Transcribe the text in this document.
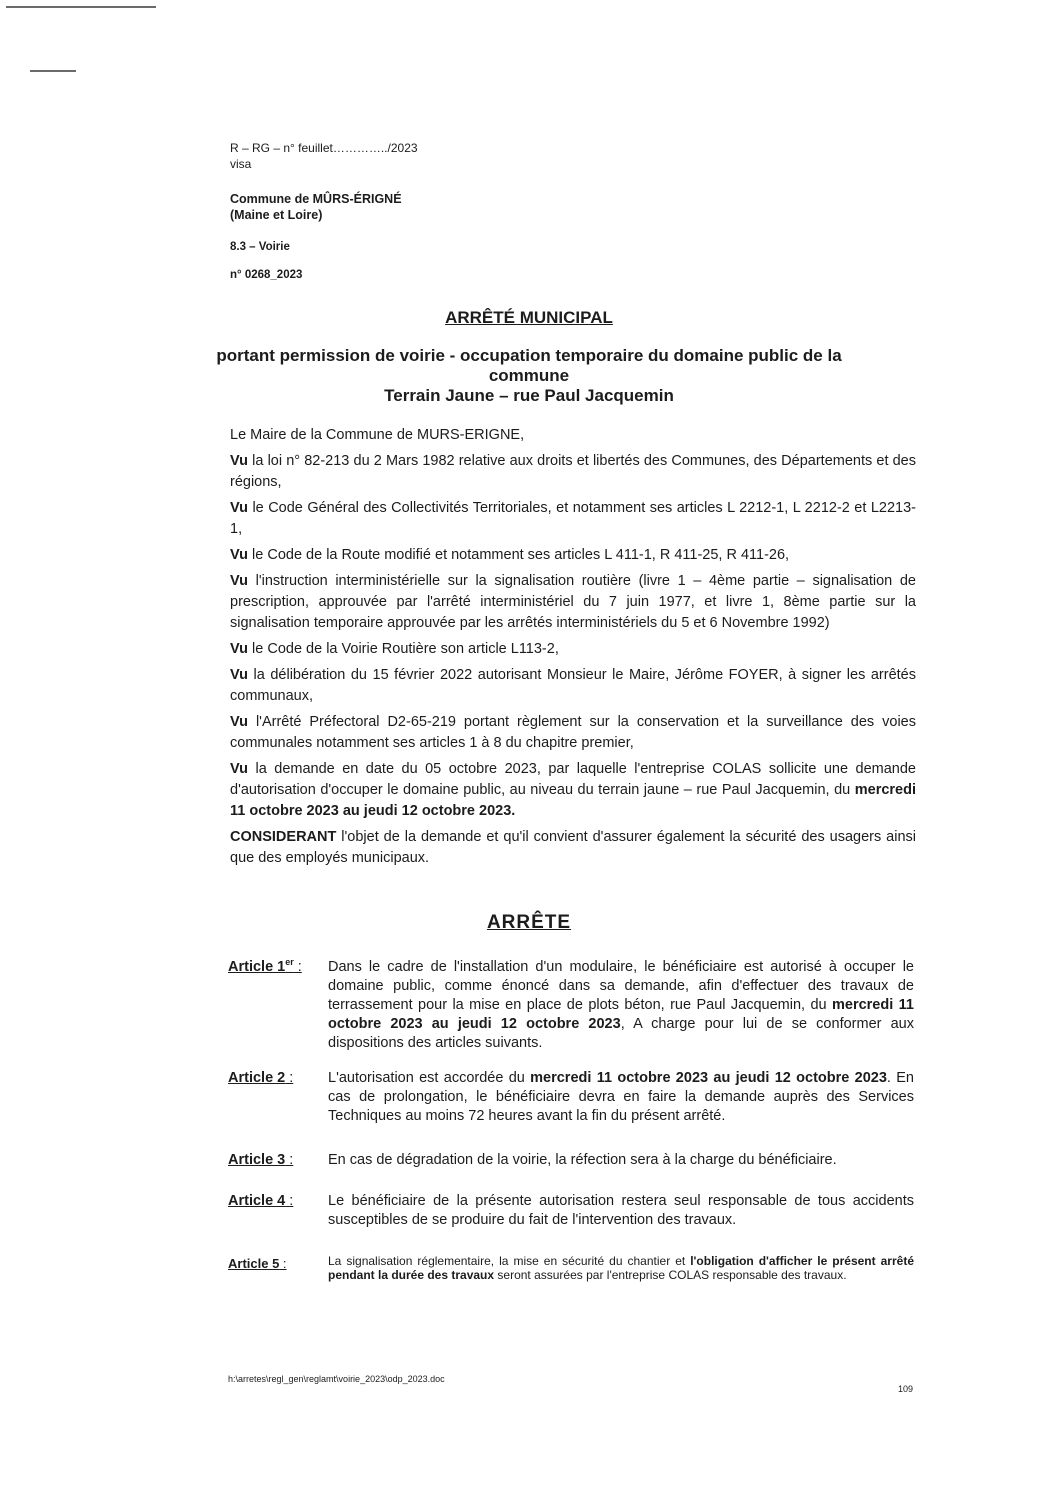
R – RG – n° feuillet…………../2023
visa
Commune de MÛRS-ÉRIGNÉ
(Maine et Loire)
8.3 – Voirie
n° 0268_2023
ARRÊTÉ MUNICIPAL
portant permission de voirie - occupation temporaire du domaine public de la
commune
Terrain Jaune – rue Paul Jacquemin

Le Maire de la Commune de MURS-ERIGNE,

Vu la loi n° 82-213 du 2 Mars 1982 relative aux droits et libertés des Communes, des Départements et des régions,

Vu le Code Général des Collectivités Territoriales, et notamment ses articles L 2212-1, L 2212-2 et L2213-1,

Vu le Code de la Route modifié et notamment ses articles L 411-1, R 411-25, R 411-26,

Vu l'instruction interministérielle sur la signalisation routière (livre 1 – 4ème partie – signalisation de prescription, approuvée par l'arrêté interministériel du 7 juin 1977, et livre 1, 8ème partie sur la signalisation temporaire approuvée par les arrêtés interministériels du 5 et 6 Novembre 1992)

Vu le Code de la Voirie Routière son article L113-2,

Vu la délibération du 15 février 2022 autorisant Monsieur le Maire, Jérôme FOYER, à signer les arrêtés communaux,

Vu l'Arrêté Préfectoral D2-65-219 portant règlement sur la conservation et la surveillance des voies communales notamment ses articles 1 à 8 du chapitre premier,

Vu la demande en date du 05 octobre 2023, par laquelle l'entreprise COLAS sollicite une demande d'autorisation d'occuper le domaine public, au niveau du terrain jaune – rue Paul Jacquemin, du mercredi 11 octobre 2023 au jeudi 12 octobre 2023.

CONSIDERANT l'objet de la demande et qu'il convient d'assurer également la sécurité des usagers ainsi que des employés municipaux.

ARRÊTE
Article 1er :	Dans le cadre de l'installation d'un modulaire, le bénéficiaire est autorisé à occuper le domaine public, comme énoncé dans sa demande, afin d'effectuer des travaux de terrassement pour la mise en place de plots béton, rue Paul Jacquemin, du mercredi 11 octobre 2023 au jeudi 12 octobre 2023, A charge pour lui de se conformer aux dispositions des articles suivants.
Article 2 :	L'autorisation est accordée du mercredi 11 octobre 2023 au jeudi 12 octobre 2023. En cas de prolongation, le bénéficiaire devra en faire la demande auprès des Services Techniques au moins 72 heures avant la fin du présent arrêté.
Article 3 :	En cas de dégradation de la voirie, la réfection sera à la charge du bénéficiaire.
Article 4 :	Le bénéficiaire de la présente autorisation restera seul responsable de tous accidents susceptibles de se produire du fait de l'intervention des travaux.
Article 5 :	La signalisation réglementaire, la mise en sécurité du chantier et l'obligation d'afficher le présent arrêté pendant la durée des travaux seront assurées par l'entreprise COLAS responsable des travaux.
h:\arretes\regl_gen\reglamt\voirie_2023\odp_2023.doc
109
